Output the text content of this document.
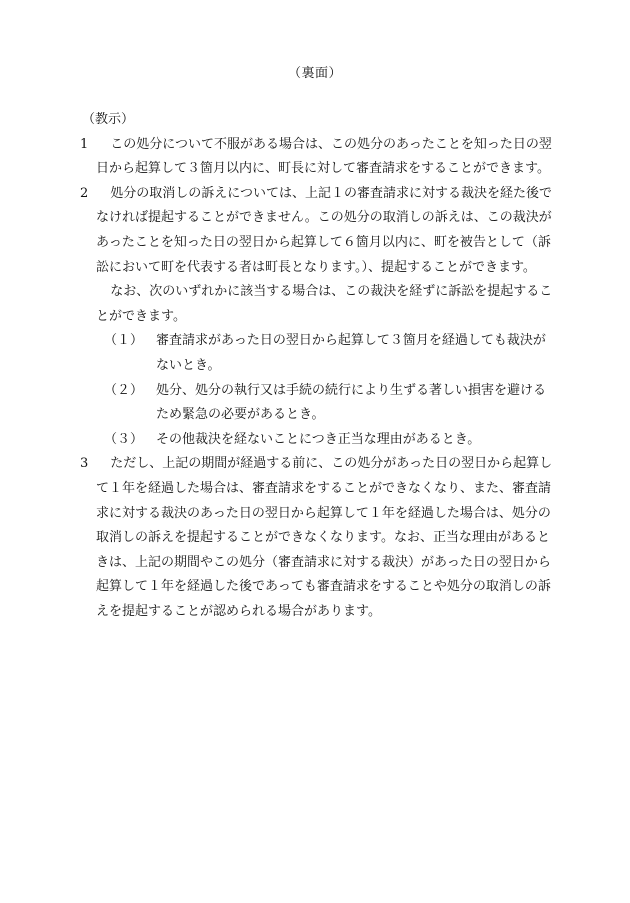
（裏面）
（教示）
1	この処分について不服がある場合は、この処分のあったことを知った日の翌日から起算して３箇月以内に、町長に対して審査請求をすることができます。
2	処分の取消しの訴えについては、上記１の審査請求に対する裁決を経た後でなければ提起することができません。この処分の取消しの訴えは、この裁決があったことを知った日の翌日から起算して６箇月以内に、町を被告として（訴訟において町を代表する者は町長となります。）、提起することができます。
なお、次のいずれかに該当する場合は、この裁決を経ずに訴訟を提起することができます。
（１） 審査請求があった日の翌日から起算して３箇月を経過しても裁決がないとき。
（２） 処分、処分の執行又は手続の続行により生ずる著しい損害を避けるため緊急の必要があるとき。
（３） その他裁決を経ないことにつき正当な理由があるとき。
3	ただし、上記の期間が経過する前に、この処分があった日の翌日から起算して１年を経過した場合は、審査請求をすることができなくなり、また、審査請求に対する裁決のあった日の翌日から起算して１年を経過した場合は、処分の取消しの訴えを提起することができなくなります。なお、正当な理由があるときは、上記の期間やこの処分（審査請求に対する裁決）があった日の翌日から起算して１年を経過した後であっても審査請求をすることや処分の取消しの訴えを提起することが認められる場合があります。
